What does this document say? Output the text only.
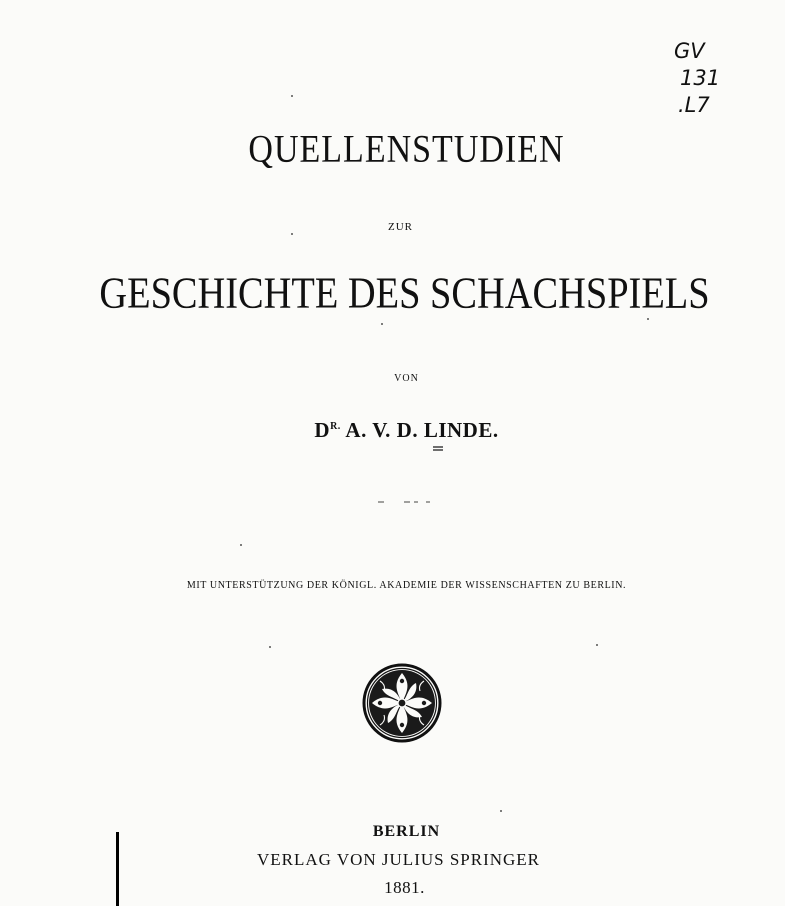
GV
131
.L7
QUELLENSTUDIEN
ZUR
GESCHICHTE DES SCHACHSPIELS
VON
$D^{R.}$ A. V. D. LINDE.
MIT UNTERSTÜTZUNG DER KÖNIGL. AKADEMIE DER WISSENSCHAFTEN ZU BERLIN.
BERLIN
VERLAG VON JULIUS SPRINGER
1881.
